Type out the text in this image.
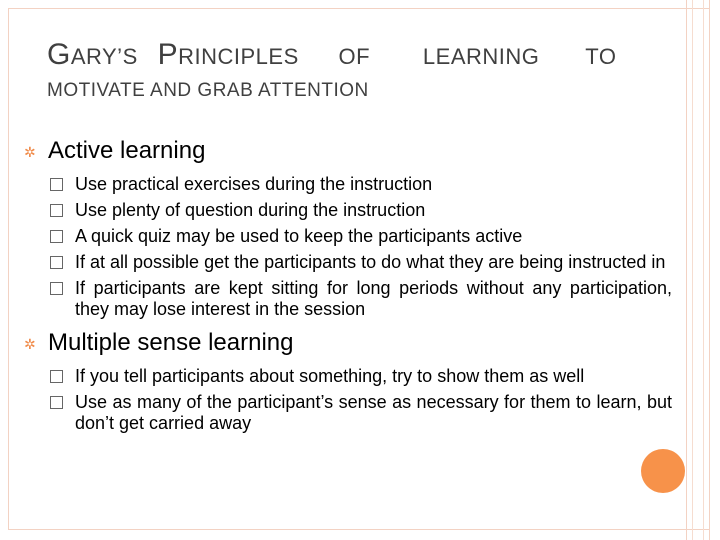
GARY’S   PRINCIPLES OF LEARNING TO
MOTIVATE AND GRAB ATTENTION
✲ Active learning
Use practical exercises during the instruction
Use plenty of question during the instruction
A quick quiz may be used to keep the participants active
If at all possible get the participants to do what they are being instructed in
If participants are kept sitting for long periods without any participation, they may lose interest in the session
✲ Multiple sense learning
If you tell participants about something, try to show them as well
Use as many of the participant’s sense as necessary for them to learn, but don’t get carried away
